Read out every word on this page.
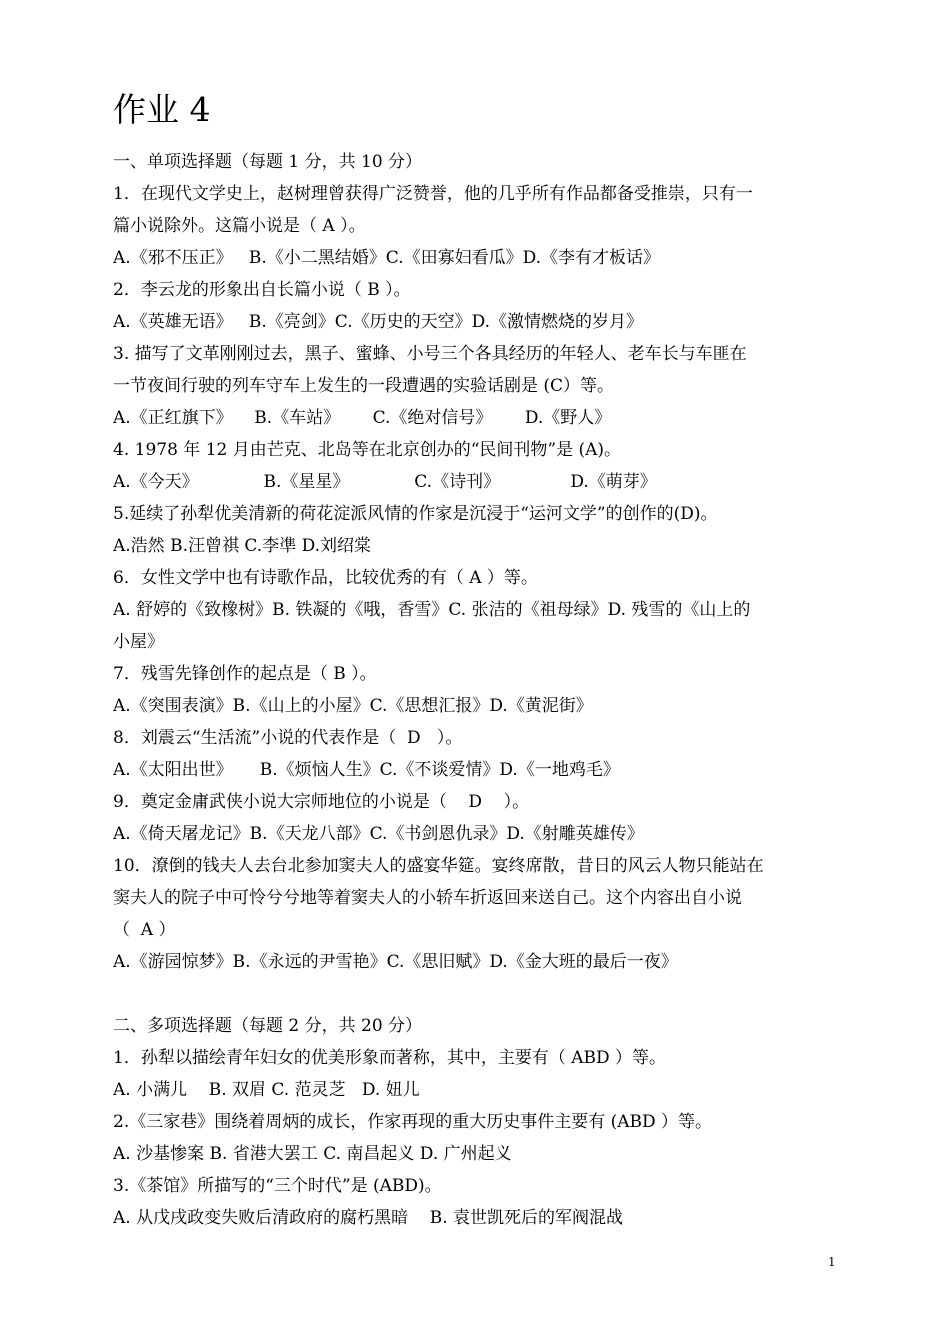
作业 4
一、单项选择题（每题 1 分，共 10 分）
1．在现代文学史上，赵树理曾获得广泛赞誉，他的几乎所有作品都备受推崇，只有一
篇小说除外。这篇小说是（ A ）。
A.《邪不压正》   B.《小二黑结婚》C.《田寡妇看瓜》D.《李有才板话》
2．李云龙的形象出自长篇小说（ B ）。
A.《英雄无语》   B.《亮剑》C.《历史的天空》D.《激情燃烧的岁月》
3. 描写了文革刚刚过去，黑子、蜜蜂、小号三个各具经历的年轻人、老车长与车匪在
一节夜间行驶的列车守车上发生的一段遭遇的实验话剧是 (C）等。
A.《正红旗下》    B.《车站》      C.《绝对信号》      D.《野人》
4. 1978 年 12 月由芒克、北岛等在北京创办的“民间刊物”是 (A)。
A.《今天》            B.《星星》            C.《诗刊》             D.《萌芽》
5.延续了孙犁优美清新的荷花淀派风情的作家是沉浸于“运河文学”的创作的(D)。
A.浩然 B.汪曾祺 C.李凖 D.刘绍棠
6．女性文学中也有诗歌作品，比较优秀的有（ A ）等。
A. 舒婷的《致橡树》B. 铁凝的《哦，香雪》C. 张洁的《祖母绿》D. 残雪的《山上的
小屋》
7．残雪先锋创作的起点是（ B ）。
A.《突围表演》B.《山上的小屋》C.《思想汇报》D.《黄泥街》
8．刘震云“生活流”小说的代表作是（  D   ）。
A.《太阳出世》     B.《烦恼人生》C.《不谈爱情》D.《一地鸡毛》
9．奠定金庸武侠小说大宗师地位的小说是（    D    ）。
A.《倚天屠龙记》B.《天龙八部》C.《书剑恩仇录》D.《射雕英雄传》
10．潦倒的钱夫人去台北参加窦夫人的盛宴华筵。宴终席散，昔日的风云人物只能站在
窦夫人的院子中可怜兮兮地等着窦夫人的小轿车折返回来送自己。这个内容出自小说
（  A ）
A.《游园惊梦》B.《永远的尹雪艳》C.《思旧赋》D.《金大班的最后一夜》
二、多项选择题（每题 2 分，共 20 分）
1．孙犁以描绘青年妇女的优美形象而著称，其中，主要有（ ABD ）等。
A. 小满儿    B. 双眉 C. 范灵芝   D. 妞儿
2.《三家巷》围绕着周炳的成长，作家再现的重大历史事件主要有 (ABD ）等。
A. 沙基惨案 B. 省港大罢工 C. 南昌起义 D. 广州起义
3.《茶馆》所描写的“三个时代”是 (ABD)。
A. 从戊戌政变失败后清政府的腐朽黑暗    B. 袁世凯死后的军阀混战
1
